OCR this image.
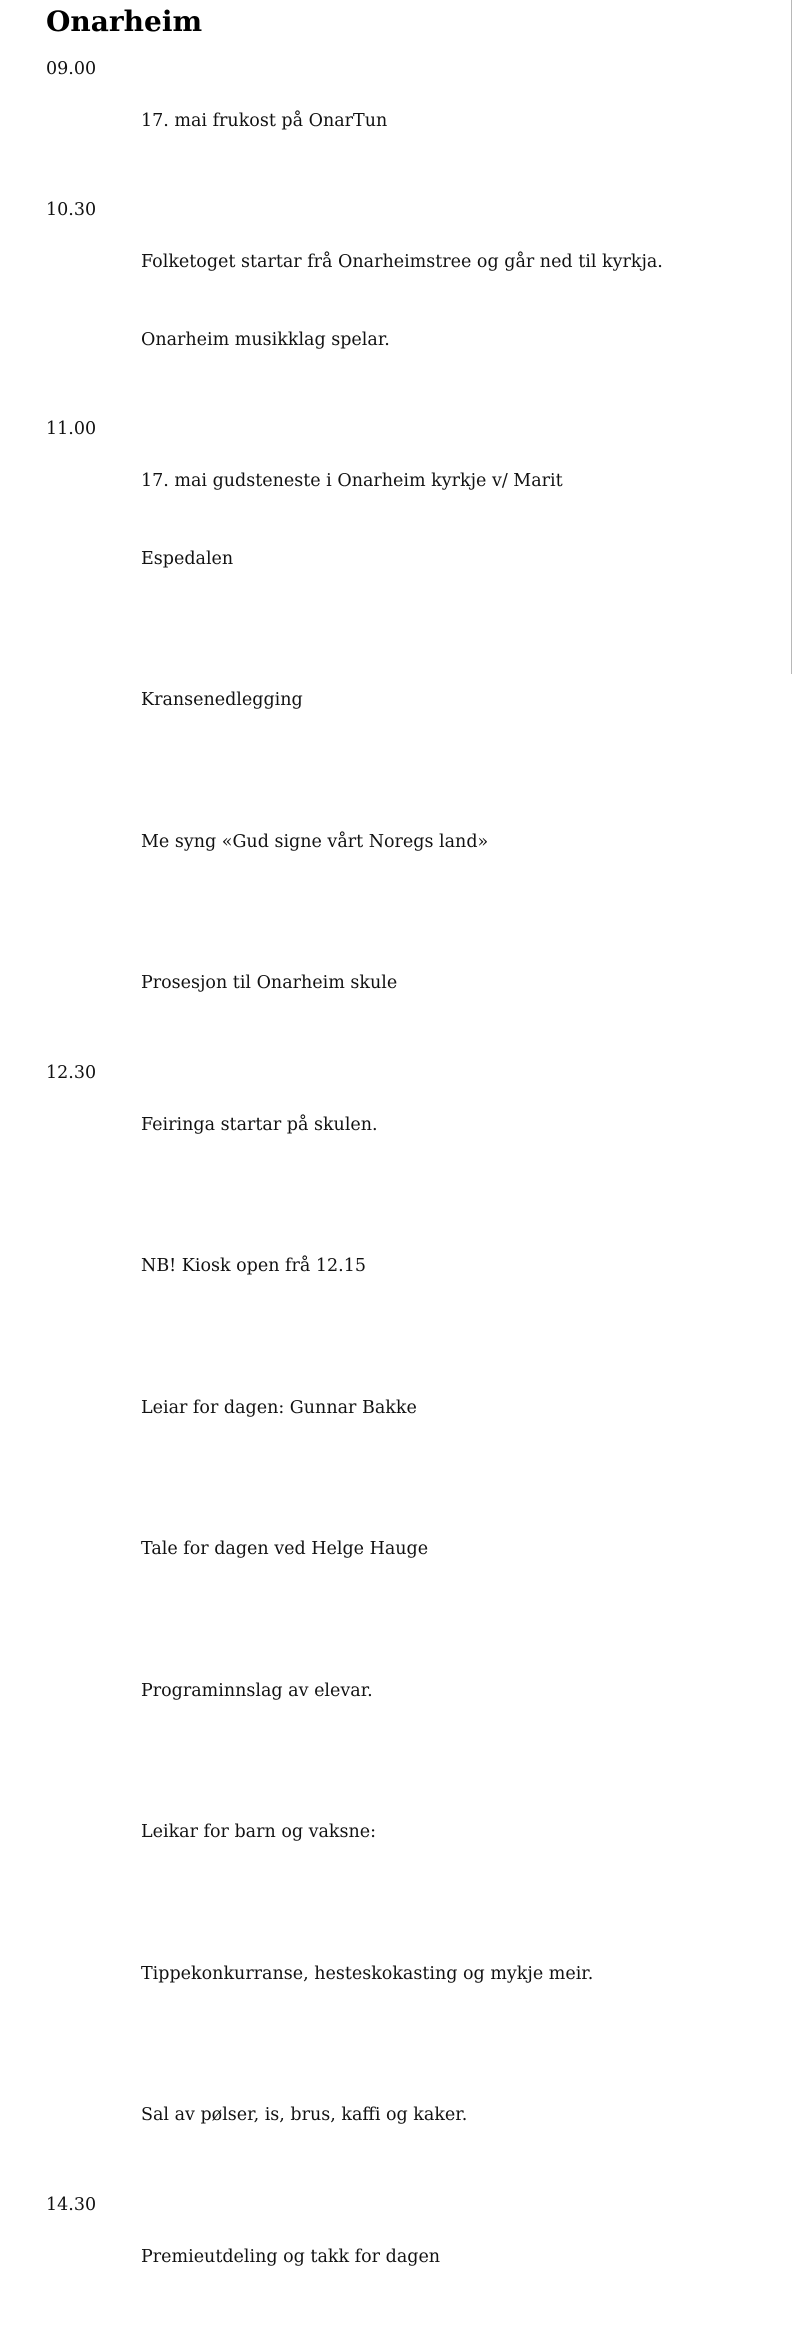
Onarheim
09.00

17. mai frukost på OnarTun

10.30

Folketoget startar frå Onarheimstree og går ned til kyrkja.

Onarheim musikklag spelar.

11.00

17. mai gudsteneste i Onarheim kyrkje v/ Marit

Espedalen

Kransenedlegging

Me syng «Gud signe vårt Noregs land»

Prosesjon til Onarheim skule

12.30

Feiringa startar på skulen.

NB! Kiosk open frå 12.15

Leiar for dagen: Gunnar Bakke

Tale for dagen ved Helge Hauge

Programinnslag av elevar.

Leikar for barn og vaksne:

Tippekonkurranse, hesteskokasting og mykje meir.

Sal av pølser, is, brus, kaffi og kaker.

14.30

Premieutdeling og takk for dagen
